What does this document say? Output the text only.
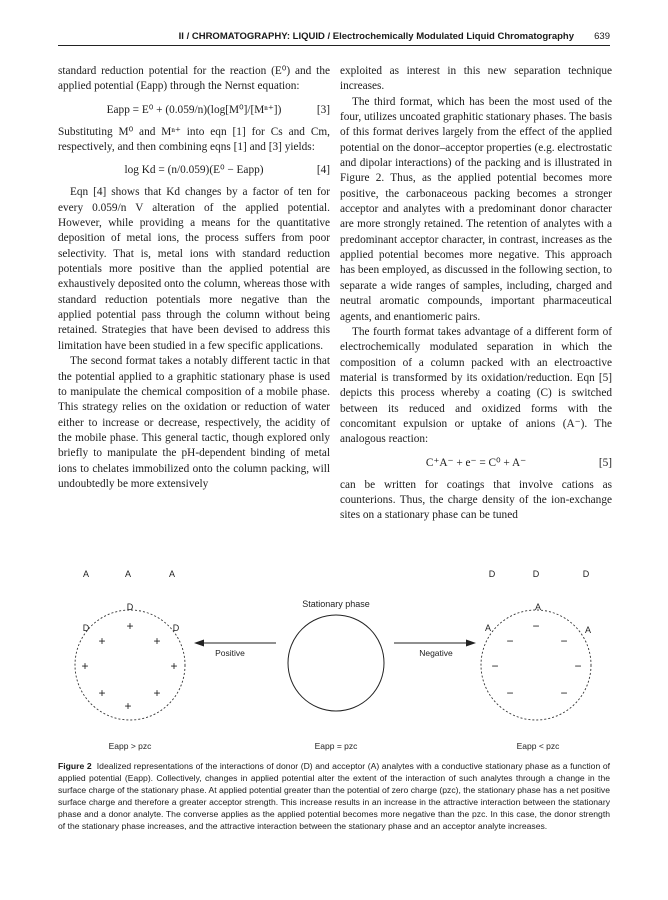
II / CHROMATOGRAPHY: LIQUID / Electrochemically Modulated Liquid Chromatography 639

standard reduction potential for the reaction (E⁰) and the applied potential (Eapp) through the Nernst equation:

Eapp = E⁰ + (0.059/n)(log[M⁰]/[Mⁿ⁺])	[3]

Substituting M⁰ and Mⁿ⁺ into eqn [1] for Cs and Cm, respectively, and then combining eqns [1] and [3] yields:

log Kd = (n/0.059)(E⁰ − Eapp)	[4]

Eqn [4] shows that Kd changes by a factor of ten for every 0.059/n V alteration of the applied potential. However, while providing a means for the quantitative deposition of metal ions, the process suffers from poor selectivity. That is, metal ions with standard reduction potentials more positive than the applied potential are exhaustively deposited onto the column, whereas those with standard reduction potentials more negative than the applied potential pass through the column without being retained. Strategies that have been devised to address this limitation have been studied in a few specific applications.

The second format takes a notably different tactic in that the potential applied to a graphitic stationary phase is used to manipulate the chemical composition of a mobile phase. This strategy relies on the oxidation or reduction of water either to increase or decrease, respectively, the acidity of the mobile phase. This general tactic, though explored only briefly to manipulate the pH-dependent binding of metal ions to chelates immobilized onto the column packing, will undoubtedly be more extensively

exploited as interest in this new separation technique increases.

The third format, which has been the most used of the four, utilizes uncoated graphitic stationary phases. The basis of this format derives largely from the effect of the applied potential on the donor–acceptor properties (e.g. electrostatic and dipolar interactions) of the packing and is illustrated in Figure 2. Thus, as the applied potential becomes more positive, the carbonaceous packing becomes a stronger acceptor and analytes with a predominant donor character are more strongly retained. The retention of analytes with a predominant acceptor character, in contrast, increases as the applied potential becomes more negative. This approach has been employed, as discussed in the following section, to separate a wide ranges of samples, including, charged and neutral aromatic compounds, important pharmaceutical agents, and enantiomeric pairs.

The fourth format takes advantage of a different form of electrochemically modulated separation in which the composition of a column packed with an electroactive material is transformed by its oxidation/reduction. Eqn [5] depicts this process whereby a coating (C) is switched between its reduced and oxidized forms with the concomitant expulsion or uptake of anions (A⁻). The analogous reaction:

C⁺A⁻ + e⁻ = C⁰ + A⁻	[5]

can be written for coatings that involve cations as counterions. Thus, the charge density of the ion-exchange sites on a stationary phase can be tuned

A	A	A	D	D	D
Stationary phase
D
D	D
+
+	+
+	+
+	+
+
A
A	A
−
−	−
−	−
−	−
Positive	Negative
Eapp > pzc	Eapp = pzc	Eapp < pzc
Figure 2 Idealized representations of the interactions of donor (D) and acceptor (A) analytes with a conductive stationary phase as a function of applied potential (Eapp). Collectively, changes in applied potential alter the extent of the interaction of such analytes through a change in the surface charge of the stationary phase. At applied potential greater than the potential of zero charge (pzc), the stationary phase has a net positive surface charge and therefore a greater acceptor strength. This increase results in an increase in the attractive interaction between the stationary phase and a donor analyte. The converse applies as the applied potential becomes more negative than the pzc. In this case, the donor strength of the stationary phase increases, and the attractive interaction between the stationary phase and an acceptor analyte increases.
